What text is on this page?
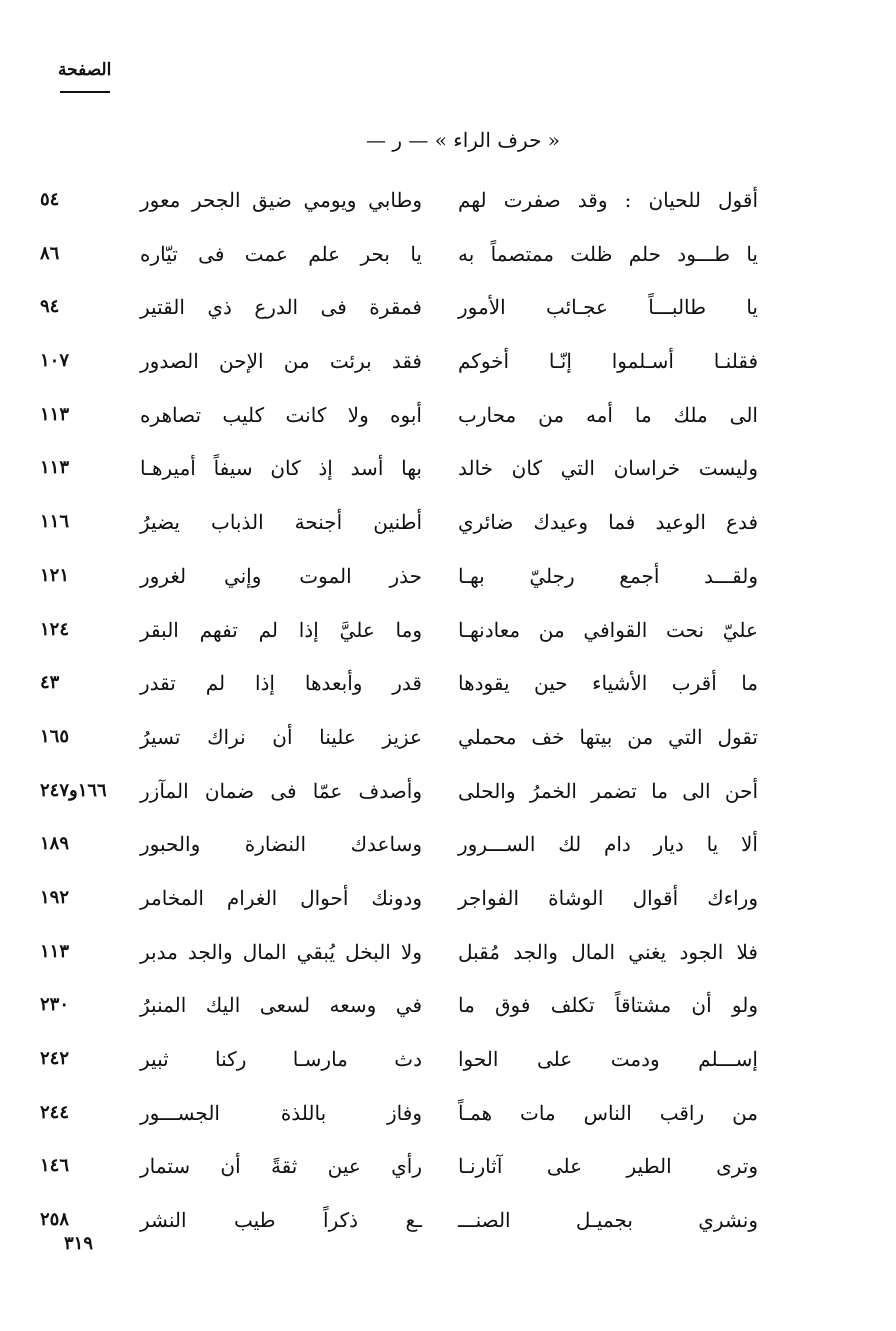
الصفحة
« حرف الراء » — ر —
أقول للحيان : وقد صفرت لهم
وطابي ويومي ضيق الجحر معور
٥٤
يا طـــود حلم ظلت ممتصماً به
يا بحر علم عمت فى تيّاره
٨٦
يا طالبـــاً عجـائب الأمور
فمقرة فى الدرع ذي القتير
٩٤
فقلنـا أسـلموا إنّـا أخوكم
فقد برئت من الإحن الصدور
١٠٧
الى ملك ما أمه من محارب
أبوه ولا كانت كليب تصاهره
١١٣
وليست خراسان التي كان خالد
بها أسد إذ كان سيفاً أميرهـا
١١٣
فدع الوعيد فما وعيدك ضائري
أطنين أجنحة الذباب يضيرُ
١١٦
ولقـــد أجمع رجليّ بهـا
حذر الموت وإني لغرور
١٢١
عليّ نحت القوافي من معادنهـا
وما عليَّ إذا لم تفهم البقر
١٢٤
ما أقرب الأشياء حين يقودها
قدر وأبعدها إذا لم تقدر
٤٣
تقول التي من بيتها خف محملي
عزيز علينا أن نراك تسيرُ
١٦٥
أحن الى ما تضمر الخمرُ والحلى
وأصدف عمّا فى ضمان المآزر
١٦٦و٢٤٧
ألا يا ديار دام لك الســـرور
وساعدك النضارة والحبور
١٨٩
وراءك أقوال الوشاة الفواجر
ودونك أحوال الغرام المخامر
١٩٢
فلا الجود يغني المال والجد مُقبل
ولا البخل يُبقي المال والجد مدبر
١١٣
ولو أن مشتاقاً تكلف فوق ما
في وسعه لسعى اليك المنبرُ
٢٣٠
إســـلم ودمت على الحوا
دث مارسـا ركنا ثبير
٢٤٢
من راقب الناس مات همـاً
وفاز باللذة الجســـور
٢٤٤
وترى الطير على آثارنـا
رأي عين ثقةً أن ستمار
١٤٦
ونشري بجميـل الصنـــ
ـع ذكراً طيب النشر
٢٥٨
٣١٩
